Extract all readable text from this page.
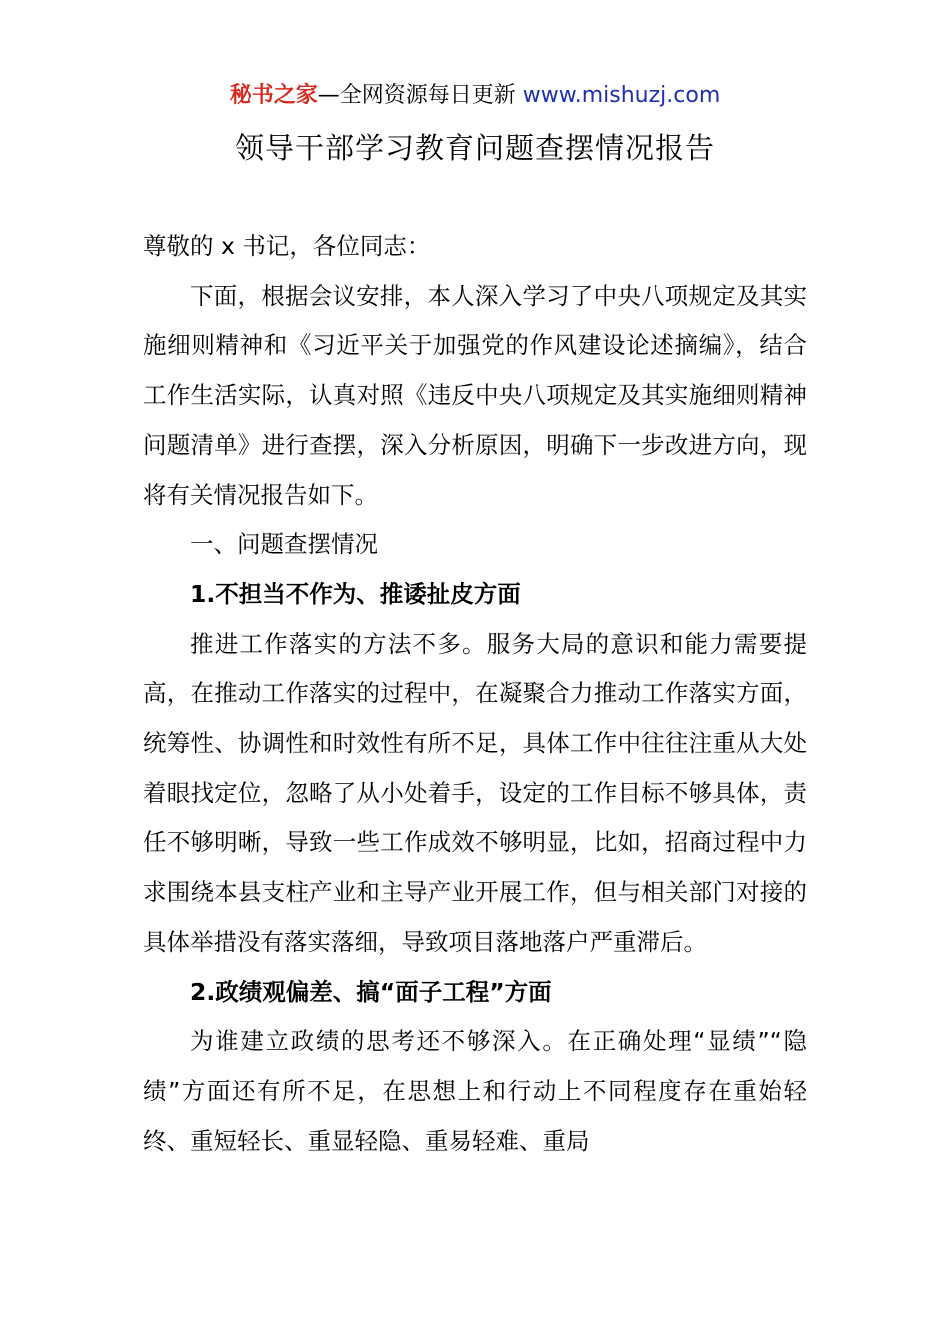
秘书之家—全网资源每日更新 www.mishuzj.com
领导干部学习教育问题查摆情况报告

尊敬的 x 书记，各位同志：

下面，根据会议安排，本人深入学习了中央八项规定及其实施细则精神和《习近平关于加强党的作风建设论述摘编》，结合工作生活实际，认真对照《违反中央八项规定及其实施细则精神问题清单》进行查摆，深入分析原因，明确下一步改进方向，现将有关情况报告如下。

一、问题查摆情况

1.不担当不作为、推诿扯皮方面

推进工作落实的方法不多。服务大局的意识和能力需要提高，在推动工作落实的过程中，在凝聚合力推动工作落实方面，统筹性、协调性和时效性有所不足，具体工作中往往注重从大处着眼找定位，忽略了从小处着手，设定的工作目标不够具体，责任不够明晰，导致一些工作成效不够明显，比如，招商过程中力求围绕本县支柱产业和主导产业开展工作，但与相关部门对接的具体举措没有落实落细，导致项目落地落户严重滞后。

2.政绩观偏差、搞“面子工程”方面

为谁建立政绩的思考还不够深入。在正确处理“显绩”“隐绩”方面还有所不足，在思想上和行动上不同程度存在重始轻终、重短轻长、重显轻隐、重易轻难、重局
